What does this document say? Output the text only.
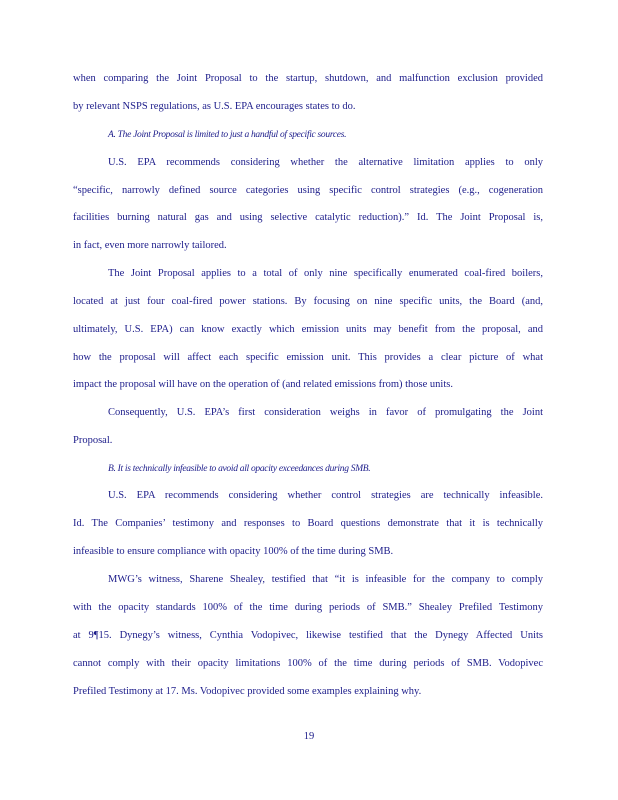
when comparing the Joint Proposal to the startup, shutdown, and malfunction exclusion provided
by relevant NSPS regulations, as U.S. EPA encourages states to do.
A. The Joint Proposal is limited to just a handful of specific sources.
U.S. EPA recommends considering whether the alternative limitation applies to only
“specific, narrowly defined source categories using specific control strategies (e.g., cogeneration
facilities burning natural gas and using selective catalytic reduction).” Id. The Joint Proposal is,
in fact, even more narrowly tailored.
The Joint Proposal applies to a total of only nine specifically enumerated coal-fired boilers,
located at just four coal-fired power stations. By focusing on nine specific units, the Board (and,
ultimately, U.S. EPA) can know exactly which emission units may benefit from the proposal, and
how the proposal will affect each specific emission unit. This provides a clear picture of what
impact the proposal will have on the operation of (and related emissions from) those units.
Consequently, U.S. EPA’s first consideration weighs in favor of promulgating the Joint
Proposal.
B. It is technically infeasible to avoid all opacity exceedances during SMB.
U.S. EPA recommends considering whether control strategies are technically infeasible.
Id. The Companies’ testimony and responses to Board questions demonstrate that it is technically
infeasible to ensure compliance with opacity 100% of the time during SMB.
MWG’s witness, Sharene Shealey, testified that “it is infeasible for the company to comply
with the opacity standards 100% of the time during periods of SMB.” Shealey Prefiled Testimony
at 9¶15. Dynegy’s witness, Cynthia Vodopivec, likewise testified that the Dynegy Affected Units
cannot comply with their opacity limitations 100% of the time during periods of SMB. Vodopivec
Prefiled Testimony at 17. Ms. Vodopivec provided some examples explaining why.
19
